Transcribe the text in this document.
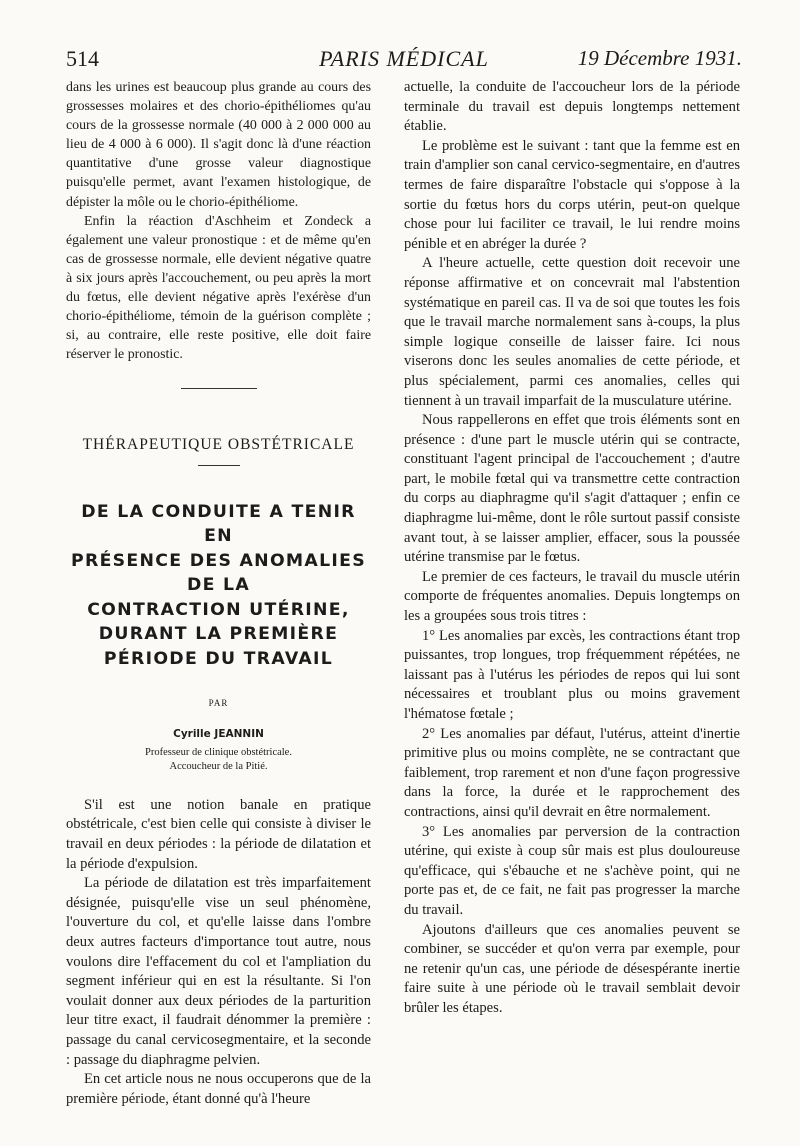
514	PARIS MÉDICAL	19 Décembre 1931.

dans les urines est beaucoup plus grande au cours des grossesses molaires et des chorio-épithéliomes qu'au cours de la grossesse normale (40 000 à 2 000 000 au lieu de 4 000 à 6 000). Il s'agit donc là d'une réaction quantitative d'une grosse valeur diagnostique puisqu'elle permet, avant l'examen histologique, de dépister la môle ou le chorio-épithéliome.

Enfin la réaction d'Aschheim et Zondeck a également une valeur pronostique : et de même qu'en cas de grossesse normale, elle devient négative quatre à six jours après l'accouchement, ou peu après la mort du fœtus, elle devient négative après l'exérèse d'un chorio-épithéliome, témoin de la guérison complète ; si, au contraire, elle reste positive, elle doit faire réserver le pronostic.

THÉRAPEUTIQUE OBSTÉTRICALE
DE LA CONDUITE A TENIR
EN
PRÉSENCE DES ANOMALIES
DE LA
CONTRACTION UTÉRINE,
DURANT LA PREMIÈRE
PÉRIODE DU TRAVAIL
PAR
Cyrille JEANNIN
Professeur de clinique obstétricale.
Accoucheur de la Pitié.

S'il est une notion banale en pratique obstétricale, c'est bien celle qui consiste à diviser le travail en deux périodes : la période de dilatation et la période d'expulsion.

La période de dilatation est très imparfaitement désignée, puisqu'elle vise un seul phénomène, l'ouverture du col, et qu'elle laisse dans l'ombre deux autres facteurs d'importance tout autre, nous voulons dire l'effacement du col et l'ampliation du segment inférieur qui en est la résultante. Si l'on voulait donner aux deux périodes de la parturition leur titre exact, il faudrait dénommer la première : passage du canal cervicosegmentaire, et la seconde : passage du diaphragme pelvien.

En cet article nous ne nous occuperons que de la première période, étant donné qu'à l'heure

actuelle, la conduite de l'accoucheur lors de la période terminale du travail est depuis longtemps nettement établie.

Le problème est le suivant : tant que la femme est en train d'amplier son canal cervico-segmentaire, en d'autres termes de faire disparaître l'obstacle qui s'oppose à la sortie du fœtus hors du corps utérin, peut-on quelque chose pour lui faciliter ce travail, le lui rendre moins pénible et en abréger la durée ?

A l'heure actuelle, cette question doit recevoir une réponse affirmative et on concevrait mal l'abstention systématique en pareil cas. Il va de soi que toutes les fois que le travail marche normalement sans à-coups, la plus simple logique conseille de laisser faire. Ici nous viserons donc les seules anomalies de cette période, et plus spécialement, parmi ces anomalies, celles qui tiennent à un travail imparfait de la musculature utérine.

Nous rappellerons en effet que trois éléments sont en présence : d'une part le muscle utérin qui se contracte, constituant l'agent principal de l'accouchement ; d'autre part, le mobile fœtal qui va transmettre cette contraction du corps au diaphragme qu'il s'agit d'attaquer ; enfin ce diaphragme lui-même, dont le rôle surtout passif consiste avant tout, à se laisser amplier, effacer, sous la poussée utérine transmise par le fœtus.

Le premier de ces facteurs, le travail du muscle utérin comporte de fréquentes anomalies. Depuis longtemps on les a groupées sous trois titres :

1° Les anomalies par excès, les contractions étant trop puissantes, trop longues, trop fréquemment répétées, ne laissant pas à l'utérus les périodes de repos qui lui sont nécessaires et troublant plus ou moins gravement l'hématose fœtale ;

2° Les anomalies par défaut, l'utérus, atteint d'inertie primitive plus ou moins complète, ne se contractant que faiblement, trop rarement et non d'une façon progressive dans la force, la durée et le rapprochement des contractions, ainsi qu'il devrait en être normalement.

3° Les anomalies par perversion de la contraction utérine, qui existe à coup sûr mais est plus douloureuse qu'efficace, qui s'ébauche et ne s'achève point, qui ne porte pas et, de ce fait, ne fait pas progresser la marche du travail.

Ajoutons d'ailleurs que ces anomalies peuvent se combiner, se succéder et qu'on verra par exemple, pour ne retenir qu'un cas, une période de désespérante inertie faire suite à une période où le travail semblait devoir brûler les étapes.
